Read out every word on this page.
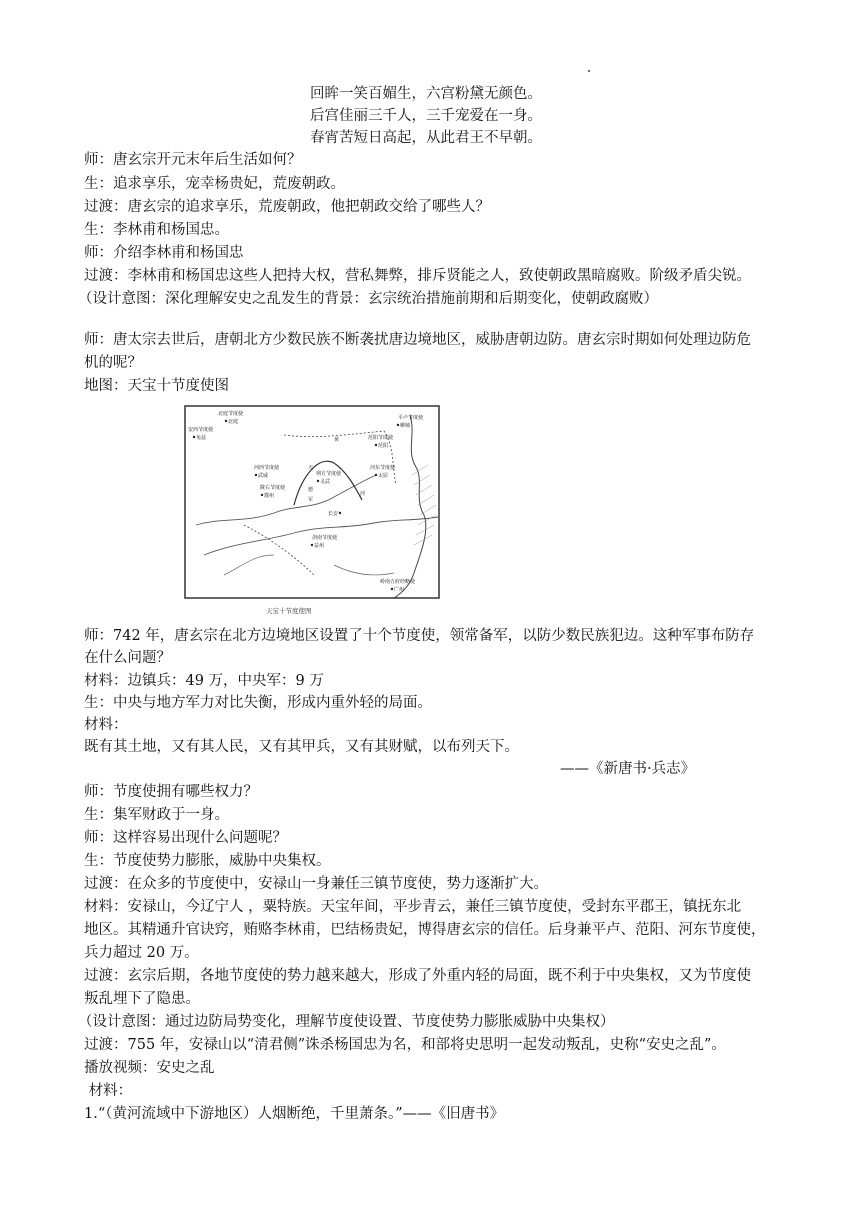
回眸一笑百媚生，六宫粉黛无颜色。
后宫佳丽三千人，三千宠爱在一身。
春宵苦短日高起，从此君王不早朝。
师：唐玄宗开元末年后生活如何？
生：追求享乐，宠幸杨贵妃，荒废朝政。
过渡：唐玄宗的追求享乐，荒废朝政，他把朝政交给了哪些人？
生：李林甫和杨国忠。
师：介绍李林甫和杨国忠
过渡：李林甫和杨国忠这些人把持大权，营私舞弊，排斥贤能之人，致使朝政黑暗腐败。阶级矛盾尖锐。
（设计意图：深化理解安史之乱发生的背景：玄宗统治措施前期和后期变化，使朝政腐败）
师：唐太宗去世后，唐朝北方少数民族不断袭扰唐边境地区，威胁唐朝边防。唐玄宗时期如何处理边防危
机的呢？
地图：天宝十节度使图
北庭节度使
北庭
安西节度使
龟兹
河西节度使
武威
陇右节度使
鄯州
朔方节度使
灵武
天
德
军
河东节度使
太原
范阳节度使
范阳
平卢节度使
柳城
长安
剑南节度使
益州
岭南五府经略使
广州
黄
河
天宝十节度使图
师：742 年，唐玄宗在北方边境地区设置了十个节度使，领常备军，以防少数民族犯边。这种军事布防存
在什么问题？
材料：边镇兵：49 万，中央军：9 万
生：中央与地方军力对比失衡，形成内重外轻的局面。
材料：
既有其土地，又有其人民，又有其甲兵，又有其财赋，以布列天下。
——《新唐书·兵志》
师：节度使拥有哪些权力？
生：集军财政于一身。
师：这样容易出现什么问题呢？
生：节度使势力膨胀，威胁中央集权。
过渡：在众多的节度使中，安禄山一身兼任三镇节度使，势力逐渐扩大。
材料：安禄山，今辽宁人 ，粟特族。天宝年间，平步青云，兼任三镇节度使，受封东平郡王，镇抚东北
地区。其精通升官诀窍，贿赂李林甫，巴结杨贵妃，博得唐玄宗的信任。后身兼平卢、范阳、河东节度使，
兵力超过 20 万。
过渡：玄宗后期，各地节度使的势力越来越大，形成了外重内轻的局面，既不利于中央集权，又为节度使
叛乱埋下了隐患。
（设计意图：通过边防局势变化，理解节度使设置、节度使势力膨胀威胁中央集权）
过渡：755 年，安禄山以“清君侧”诛杀杨国忠为名，和部将史思明一起发动叛乱，史称“安史之乱”。
播放视频：安史之乱
材料：
1.“（黄河流域中下游地区）人烟断绝，千里萧条。”——《旧唐书》
